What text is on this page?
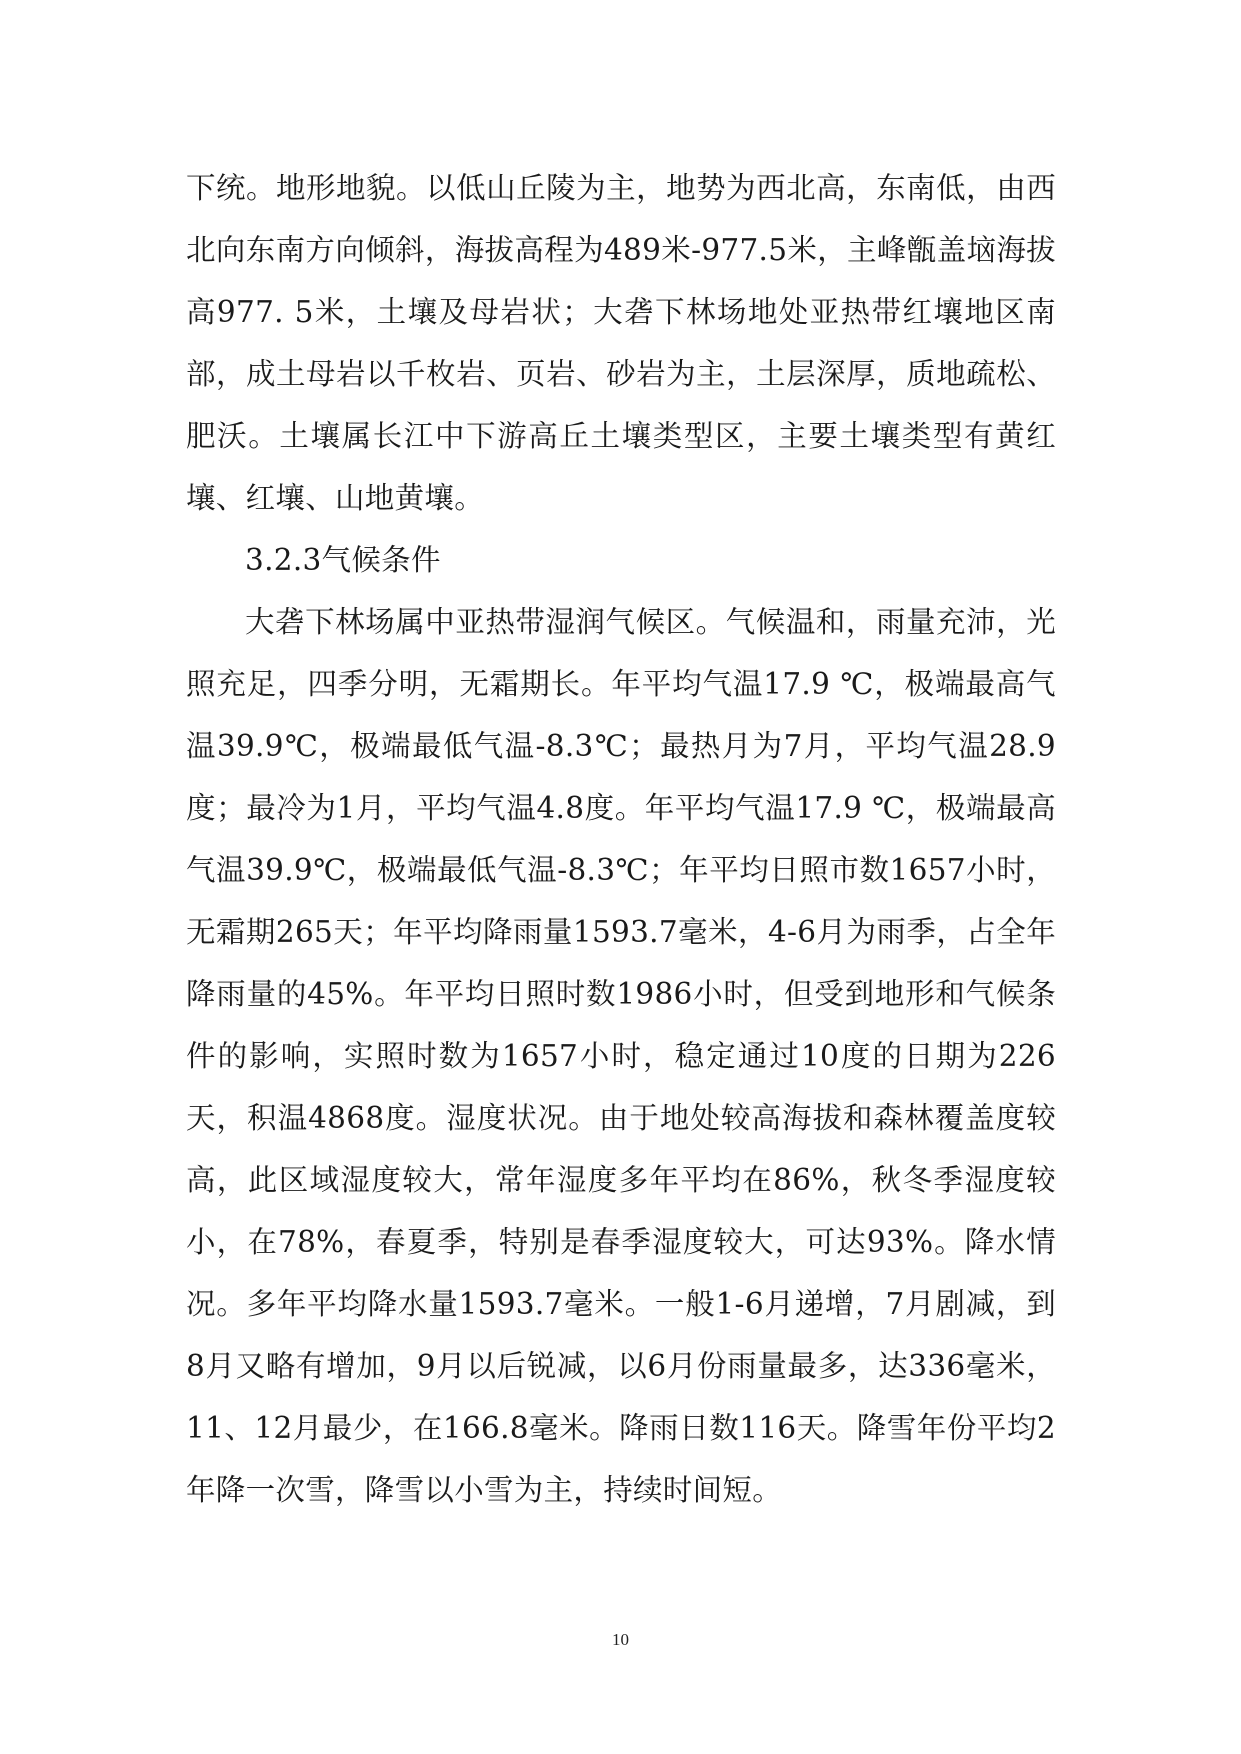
下统。地形地貌。以低山丘陵为主，地势为西北高，东南低，由西北向东南方向倾斜，海拔高程为489米-977.5米，主峰甑盖垴海拔高977. 5米，土壤及母岩状；大砻下林场地处亚热带红壤地区南部，成土母岩以千枚岩、页岩、砂岩为主，土层深厚，质地疏松、肥沃。土壤属长江中下游高丘土壤类型区，主要土壤类型有黄红壤、红壤、山地黄壤。

3.2.3气候条件

大砻下林场属中亚热带湿润气候区。气候温和，雨量充沛，光照充足，四季分明，无霜期长。年平均气温17.9 ℃，极端最高气温39.9℃，极端最低气温-8.3℃；最热月为7月，平均气温28.9度；最冷为1月，平均气温4.8度。年平均气温17.9 ℃，极端最高气温39.9℃，极端最低气温-8.3℃；年平均日照市数1657小时，无霜期265天；年平均降雨量1593.7毫米，4-6月为雨季，占全年降雨量的45%。年平均日照时数1986小时，但受到地形和气候条件的影响，实照时数为1657小时，稳定通过10度的日期为226天，积温4868度。湿度状况。由于地处较高海拔和森林覆盖度较高，此区域湿度较大，常年湿度多年平均在86%，秋冬季湿度较小，在78%，春夏季，特别是春季湿度较大，可达93%。降水情况。多年平均降水量1593.7毫米。一般1-6月递增，7月剧减，到8月又略有增加，9月以后锐减，以6月份雨量最多，达336毫米，11、12月最少，在166.8毫米。降雨日数116天。降雪年份平均2年降一次雪，降雪以小雪为主，持续时间短。

10
